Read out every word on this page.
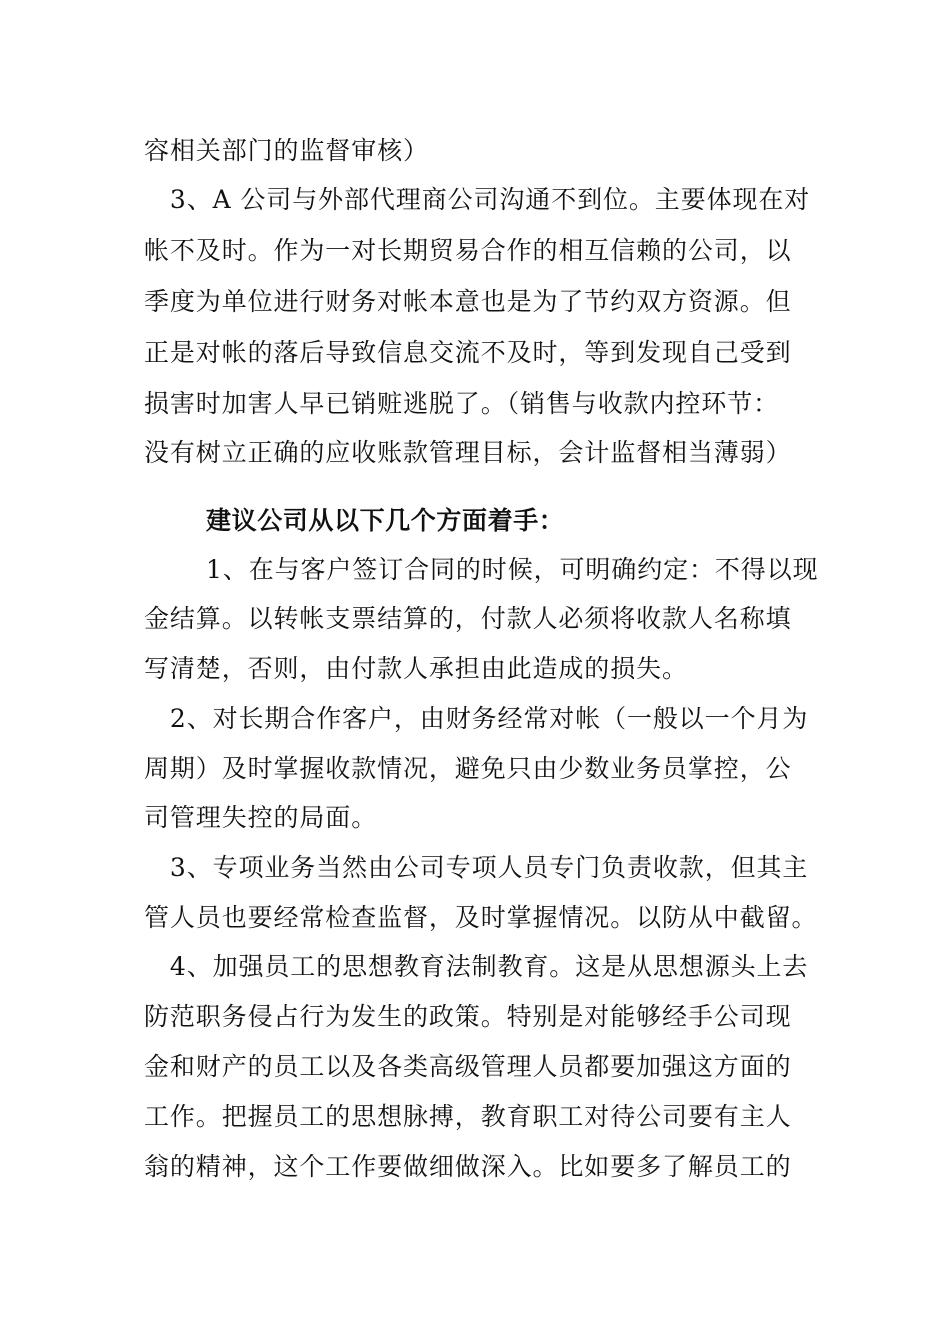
容相关部门的监督审核）
　3、A 公司与外部代理商公司沟通不到位。主要体现在对
帐不及时。作为一对长期贸易合作的相互信赖的公司，以
季度为单位进行财务对帐本意也是为了节约双方资源。但
正是对帐的落后导致信息交流不及时，等到发现自己受到
损害时加害人早已销赃逃脱了。（销售与收款内控环节：
没有树立正确的应收账款管理目标，会计监督相当薄弱）
建议公司从以下几个方面着手：
1、在与客户签订合同的时候，可明确约定：不得以现
金结算。以转帐支票结算的，付款人必须将收款人名称填
写清楚，否则，由付款人承担由此造成的损失。
　2、对长期合作客户，由财务经常对帐（一般以一个月为
周期）及时掌握收款情况，避免只由少数业务员掌控，公
司管理失控的局面。
　3、专项业务当然由公司专项人员专门负责收款，但其主
管人员也要经常检查监督，及时掌握情况。以防从中截留。
　4、加强员工的思想教育法制教育。这是从思想源头上去
防范职务侵占行为发生的政策。特别是对能够经手公司现
金和财产的员工以及各类高级管理人员都要加强这方面的
工作。把握员工的思想脉搏，教育职工对待公司要有主人
翁的精神，这个工作要做细做深入。比如要多了解员工的
